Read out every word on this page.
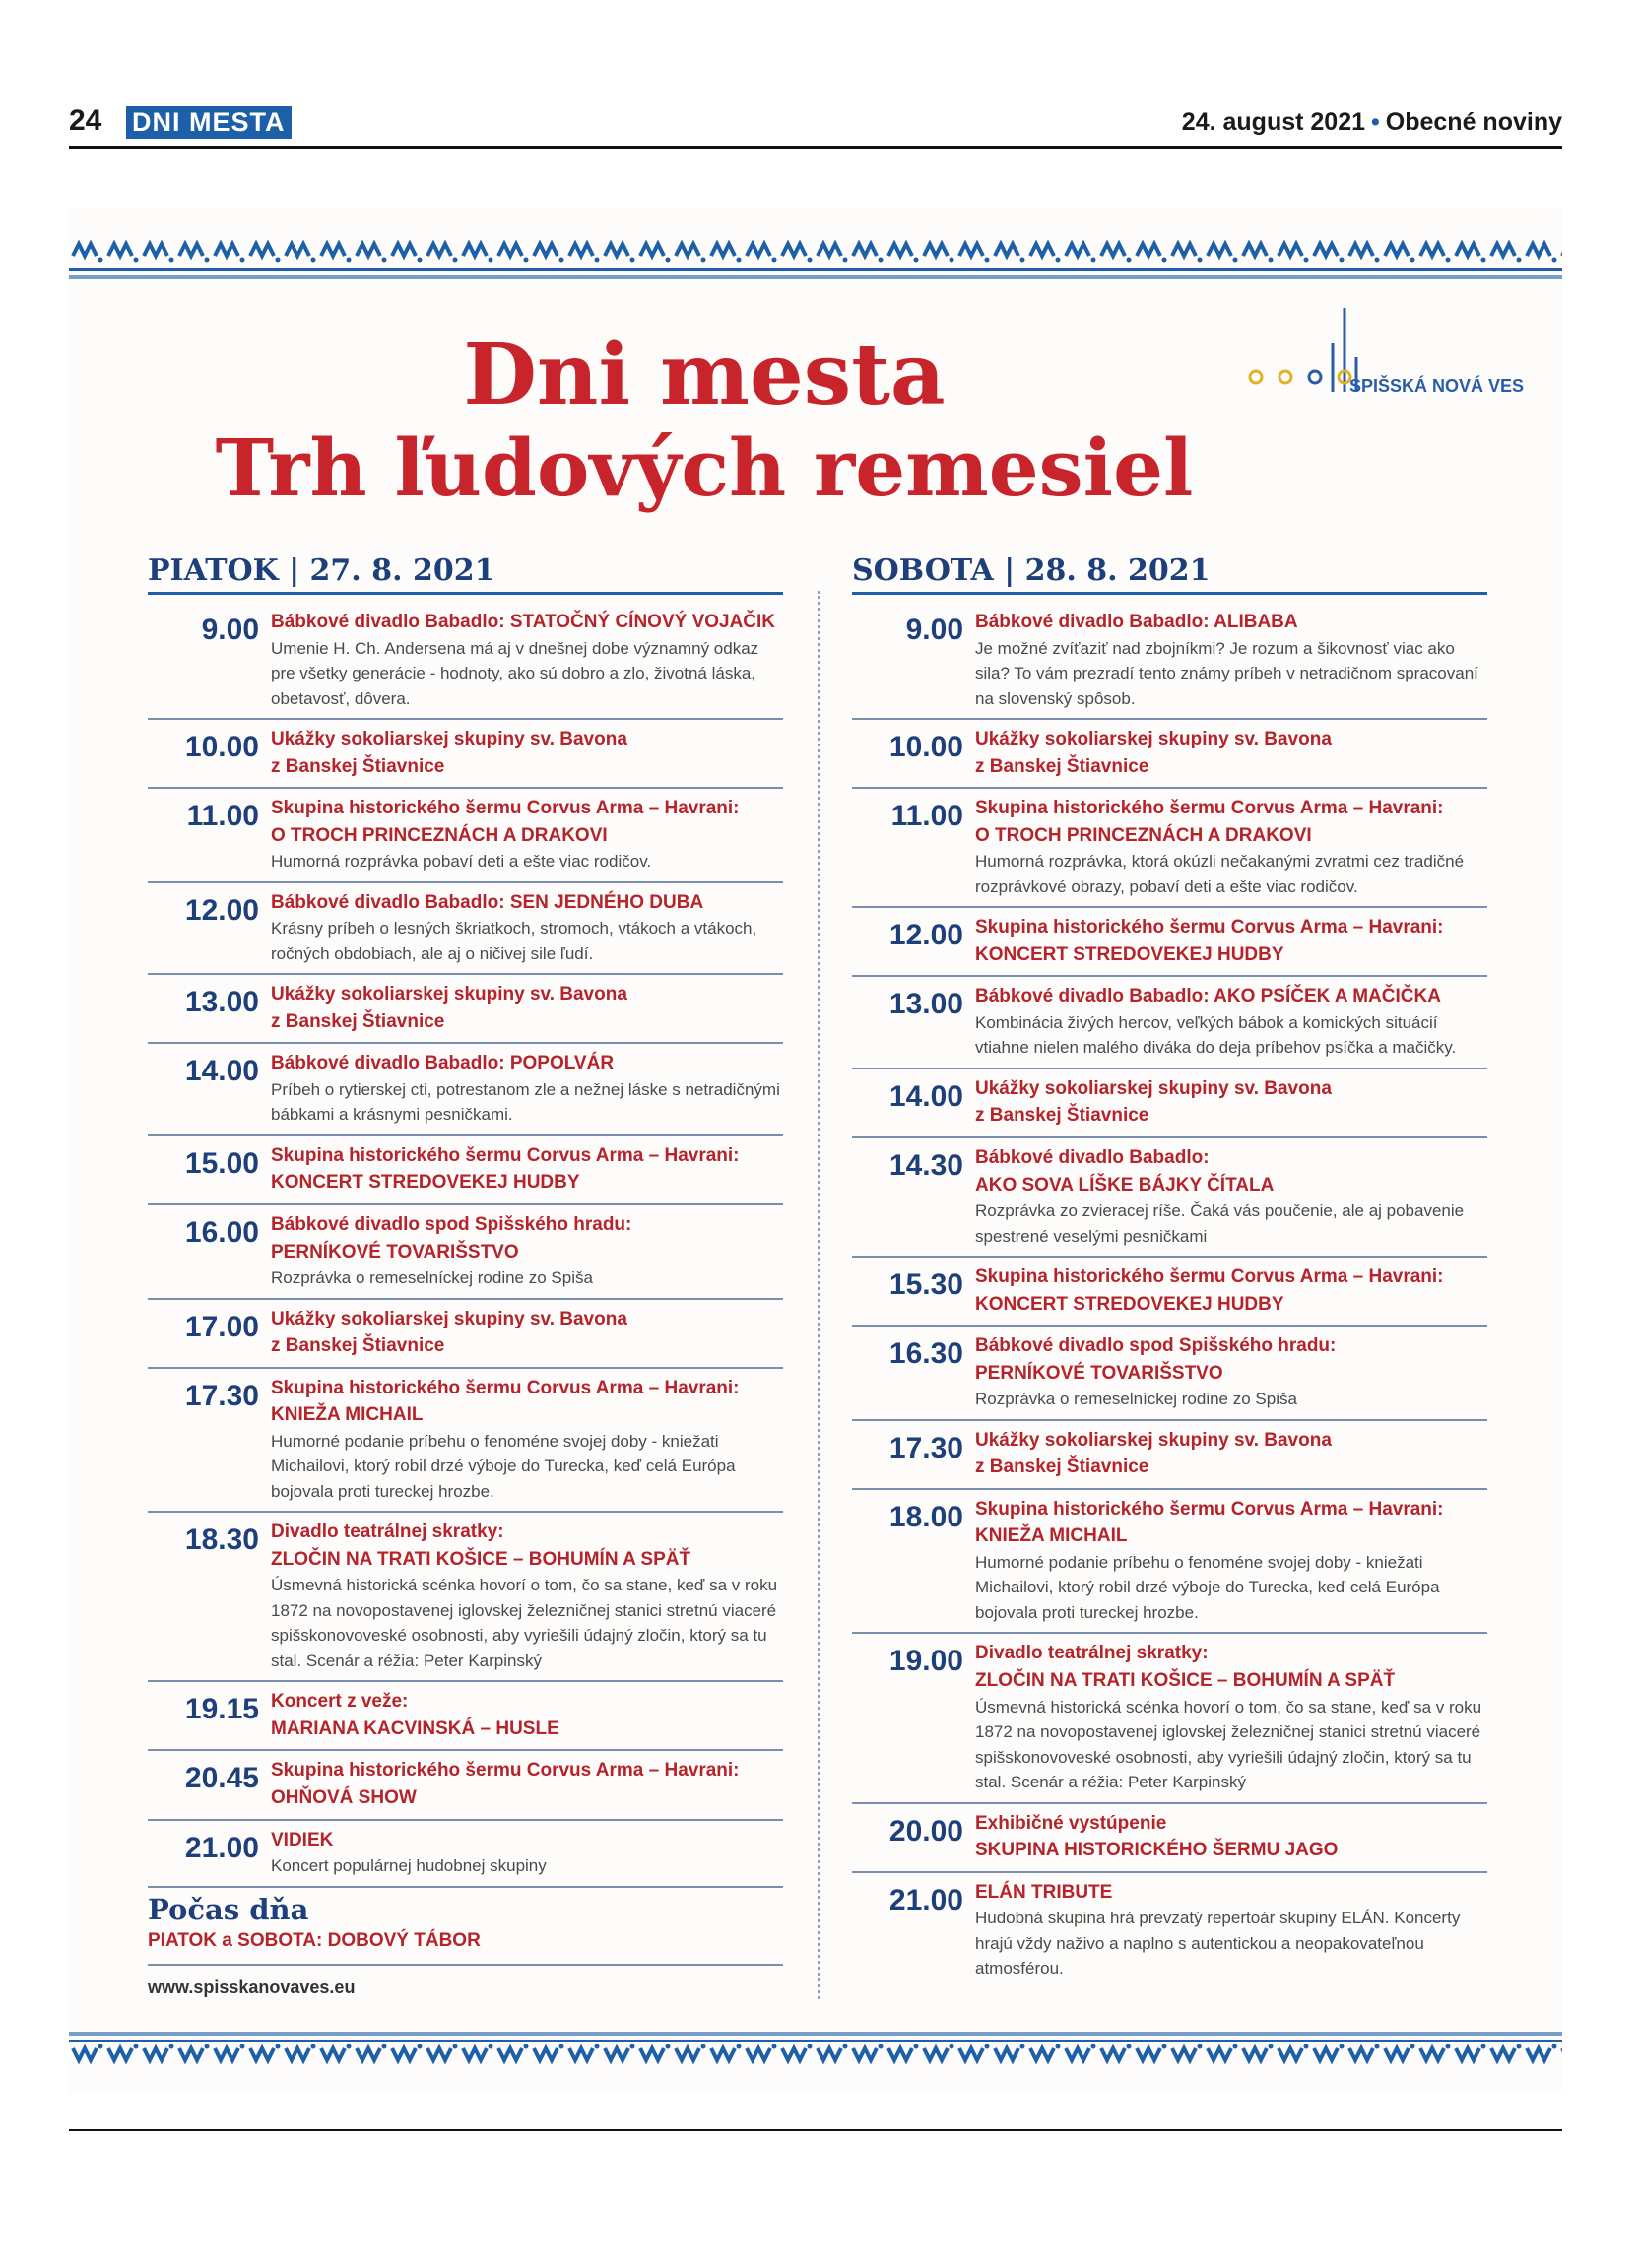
24 DNI MESTA	24. august 2021 • Obecné noviny
Dni mesta
Trh ľudových remesiel
SPIŠSKÁ NOVÁ VES
PIATOK | 27. 8. 2021
9.00 Bábkové divadlo Babadlo: STATOČNÝ CÍNOVÝ VOJAČIK
Umenie H. Ch. Andersena má aj v dnešnej dobe významný odkaz pre všetky generácie - hodnoty, ako sú dobro a zlo, životná láska, obetavosť, dôvera.
10.00 Ukážky sokoliarskej skupiny sv. Bavona
z Banskej Štiavnice
11.00 Skupina historického šermu Corvus Arma – Havrani:
O TROCH PRINCEZNÁCH A DRAKOVI
Humorná rozprávka pobaví deti a ešte viac rodičov.
12.00 Bábkové divadlo Babadlo: SEN JEDNÉHO DUBA
Krásny príbeh o lesných škriatkoch, stromoch, vtákoch a vtákoch, ročných obdobiach, ale aj o ničivej sile ľudí.
13.00 Ukážky sokoliarskej skupiny sv. Bavona
z Banskej Štiavnice
14.00 Bábkové divadlo Babadlo: POPOLVÁR
Príbeh o rytierskej cti, potrestanom zle a nežnej láske s netradičnými bábkami a krásnymi pesničkami.
15.00 Skupina historického šermu Corvus Arma – Havrani:
KONCERT STREDOVEKEJ HUDBY
16.00 Bábkové divadlo spod Spišského hradu:
PERNÍKOVÉ TOVARIŠSTVO
Rozprávka o remeselníckej rodine zo Spiša
17.00 Ukážky sokoliarskej skupiny sv. Bavona
z Banskej Štiavnice
17.30 Skupina historického šermu Corvus Arma – Havrani:
KNIEŽA MICHAIL
Humorné podanie príbehu o fenoméne svojej doby - kniežati Michailovi, ktorý robil drzé výboje do Turecka, keď celá Európa bojovala proti tureckej hrozbe.
18.30 Divadlo teatrálnej skratky:
ZLOČIN NA TRATI KOŠICE – BOHUMÍN A SPÄŤ
Úsmevná historická scénka hovorí o tom, čo sa stane, keď sa v roku 1872 na novopostavenej iglovskej železničnej stanici stretnú viaceré spišskonovoveské osobnosti, aby vyriešili údajný zločin, ktorý sa tu stal. Scenár a réžia: Peter Karpinský
19.15 Koncert z veže:
MARIANA KACVINSKÁ – HUSLE
20.45 Skupina historického šermu Corvus Arma – Havrani:
OHŇOVÁ SHOW
21.00 VIDIEK
Koncert populárnej hudobnej skupiny
Počas dňa
PIATOK a SOBOTA: DOBOVÝ TÁBOR
www.spisskanovaves.eu
SOBOTA | 28. 8. 2021
9.00 Bábkové divadlo Babadlo: ALIBABA
Je možné zvíťaziť nad zbojníkmi? Je rozum a šikovnosť viac ako sila? To vám prezradí tento známy príbeh v netradičnom spracovaní na slovenský spôsob.
10.00 Ukážky sokoliarskej skupiny sv. Bavona
z Banskej Štiavnice
11.00 Skupina historického šermu Corvus Arma – Havrani:
O TROCH PRINCEZNÁCH A DRAKOVI
Humorná rozprávka, ktorá okúzli nečakanými zvratmi cez tradičné rozprávkové obrazy, pobaví deti a ešte viac rodičov.
12.00 Skupina historického šermu Corvus Arma – Havrani:
KONCERT STREDOVEKEJ HUDBY
13.00 Bábkové divadlo Babadlo: AKO PSÍČEK A MAČIČKA
Kombinácia živých hercov, veľkých bábok a komických situácií vtiahne nielen malého diváka do deja príbehov psíčka a mačičky.
14.00 Ukážky sokoliarskej skupiny sv. Bavona
z Banskej Štiavnice
14.30 Bábkové divadlo Babadlo:
AKO SOVA LÍŠKE BÁJKY ČÍTALA
Rozprávka zo zvieracej ríše. Čaká vás poučenie, ale aj pobavenie spestrené veselými pesničkami
15.30 Skupina historického šermu Corvus Arma – Havrani:
KONCERT STREDOVEKEJ HUDBY
16.30 Bábkové divadlo spod Spišského hradu:
PERNÍKOVÉ TOVARIŠSTVO
Rozprávka o remeselníckej rodine zo Spiša
17.30 Ukážky sokoliarskej skupiny sv. Bavona
z Banskej Štiavnice
18.00 Skupina historického šermu Corvus Arma – Havrani:
KNIEŽA MICHAIL
Humorné podanie príbehu o fenoméne svojej doby - kniežati Michailovi, ktorý robil drzé výboje do Turecka, keď celá Európa bojovala proti tureckej hrozbe.
19.00 Divadlo teatrálnej skratky:
ZLOČIN NA TRATI KOŠICE – BOHUMÍN A SPÄŤ
Úsmevná historická scénka hovorí o tom, čo sa stane, keď sa v roku 1872 na novopostavenej iglovskej železničnej stanici stretnú viaceré spišskonovoveské osobnosti, aby vyriešili údajný zločin, ktorý sa tu stal. Scenár a réžia: Peter Karpinský
20.00 Exhibičné vystúpenie
SKUPINA HISTORICKÉHO ŠERMU JAGO
21.00 ELÁN TRIBUTE
Hudobná skupina hrá prevzatý repertoár skupiny ELÁN. Koncerty hrajú vždy naživo a naplno s autentickou a neopakovateľnou atmosférou.
